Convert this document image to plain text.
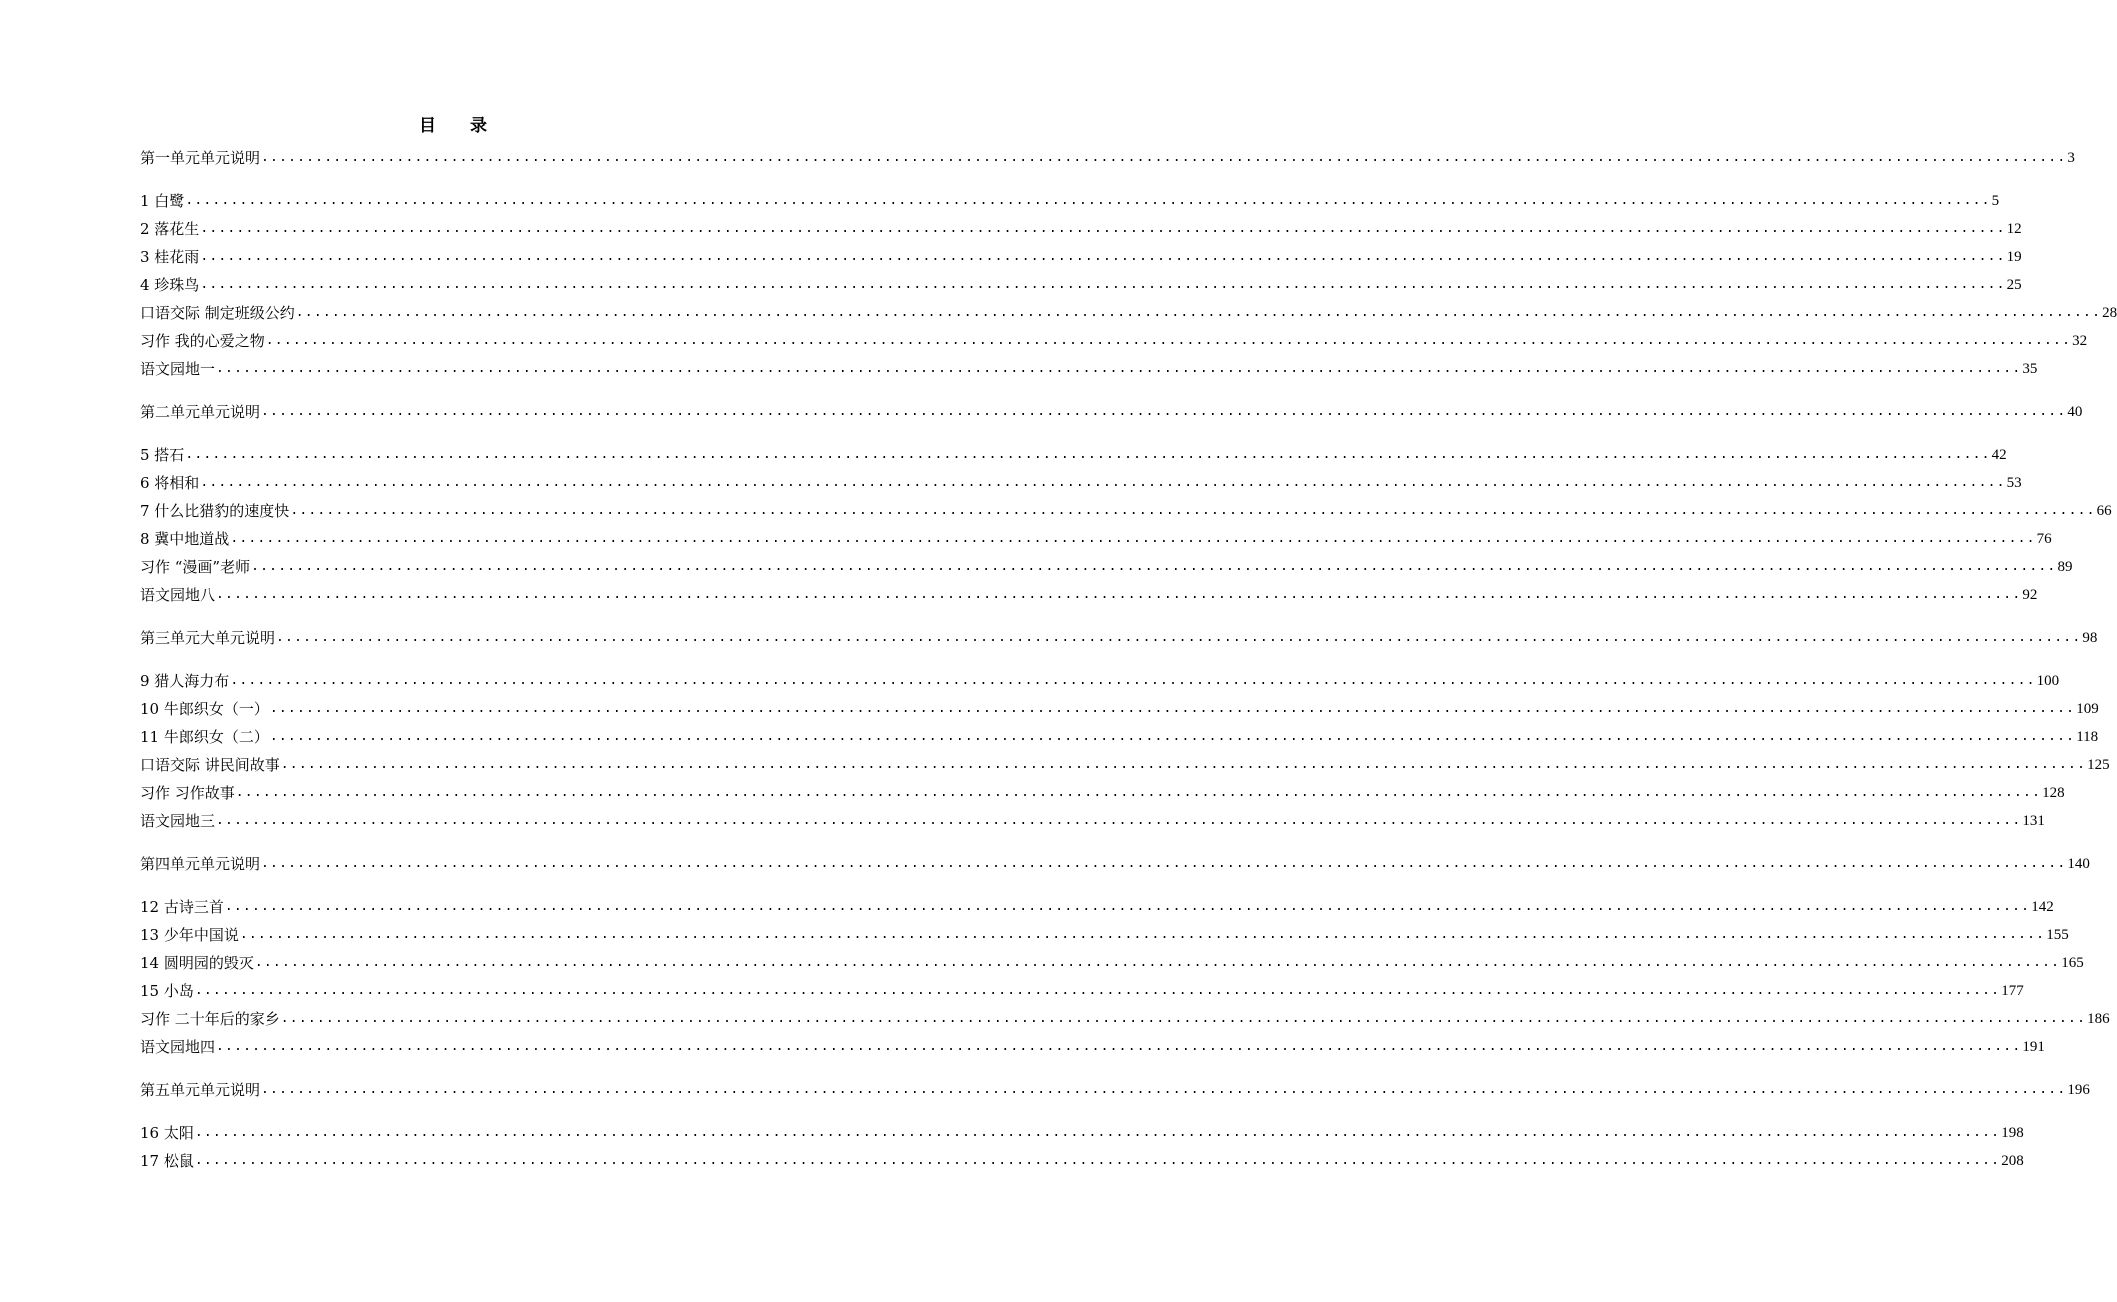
目 录
第一单元单元说明 ........................................................................................................................................................................................................ 3
1 白鹭 ........................................................................................................................................................................................................ 5
2 落花生 ........................................................................................................................................................................................................ 12
3 桂花雨 ........................................................................................................................................................................................................ 19
4 珍珠鸟 ........................................................................................................................................................................................................ 25
口语交际 制定班级公约 ........................................................................................................................................................................................................ 28
习作 我的心爱之物 ........................................................................................................................................................................................................ 32
语文园地一 ........................................................................................................................................................................................................ 35
第二单元单元说明 ........................................................................................................................................................................................................ 40
5 搭石 ........................................................................................................................................................................................................ 42
6 将相和 ........................................................................................................................................................................................................ 53
7 什么比猎豹的速度快 ........................................................................................................................................................................................................ 66
8 冀中地道战 ........................................................................................................................................................................................................ 76
习作 “漫画”老师 ........................................................................................................................................................................................................ 89
语文园地八 ........................................................................................................................................................................................................ 92
第三单元大单元说明 ........................................................................................................................................................................................................ 98
9 猎人海力布 ........................................................................................................................................................................................................ 100
10 牛郎织女（一） ........................................................................................................................................................................................................ 109
11 牛郎织女（二） ........................................................................................................................................................................................................ 118
口语交际 讲民间故事 ........................................................................................................................................................................................................ 125
习作 习作故事 ........................................................................................................................................................................................................ 128
语文园地三 ........................................................................................................................................................................................................ 131
第四单元单元说明 ........................................................................................................................................................................................................ 140
12 古诗三首 ........................................................................................................................................................................................................ 142
13 少年中国说 ........................................................................................................................................................................................................ 155
14 圆明园的毁灭 ........................................................................................................................................................................................................ 165
15 小岛 ........................................................................................................................................................................................................ 177
习作 二十年后的家乡 ........................................................................................................................................................................................................ 186
语文园地四 ........................................................................................................................................................................................................ 191
第五单元单元说明 ........................................................................................................................................................................................................ 196
16 太阳 ........................................................................................................................................................................................................ 198
17 松鼠 ........................................................................................................................................................................................................ 208
